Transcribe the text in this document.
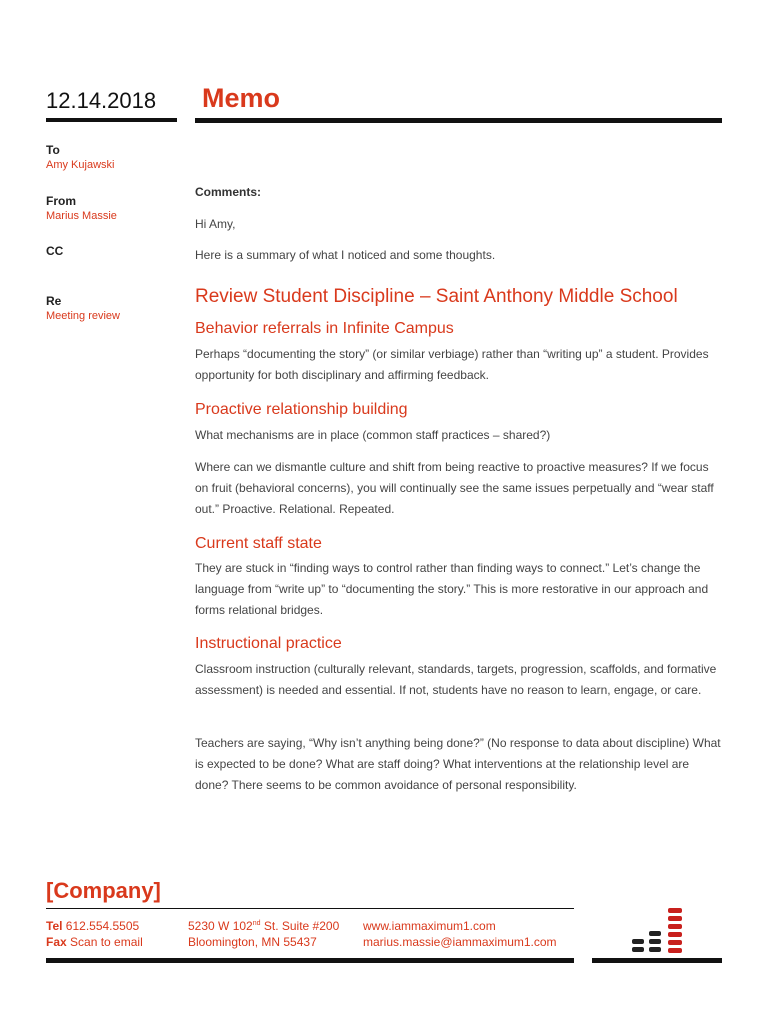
12.14.2018 Memo

To

Amy Kujawski

From

Marius Massie

CC

Re

Meeting review

Comments:

Hi Amy,

Here is a summary of what I noticed and some thoughts.

Review Student Discipline – Saint Anthony Middle School

Behavior referrals in Infinite Campus

Perhaps “documenting the story” (or similar verbiage) rather than “writing up” a student. Provides opportunity for both disciplinary and affirming feedback.

Proactive relationship building

What mechanisms are in place (common staff practices – shared?)

Where can we dismantle culture and shift from being reactive to proactive measures? If we focus on fruit (behavioral concerns), you will continually see the same issues perpetually and “wear staff out.” Proactive. Relational. Repeated.

Current staff state

They are stuck in “finding ways to control rather than finding ways to connect.” Let’s change the language from “write up” to “documenting the story.” This is more restorative in our approach and forms relational bridges.

Instructional practice

Classroom instruction (culturally relevant, standards, targets, progression, scaffolds, and formative assessment) is needed and essential. If not, students have no reason to learn, engage, or care.

Teachers are saying, “Why isn’t anything being done?” (No response to data about discipline) What is expected to be done? What are staff doing? What interventions at the relationship level are done? There seems to be common avoidance of personal responsibility.

[Company]
Tel 612.554.5505
Fax Scan to email
5230 W 102nd St. Suite #200
Bloomington, MN 55437
www.iammaximum1.com
marius.massie@iammaximum1.com
